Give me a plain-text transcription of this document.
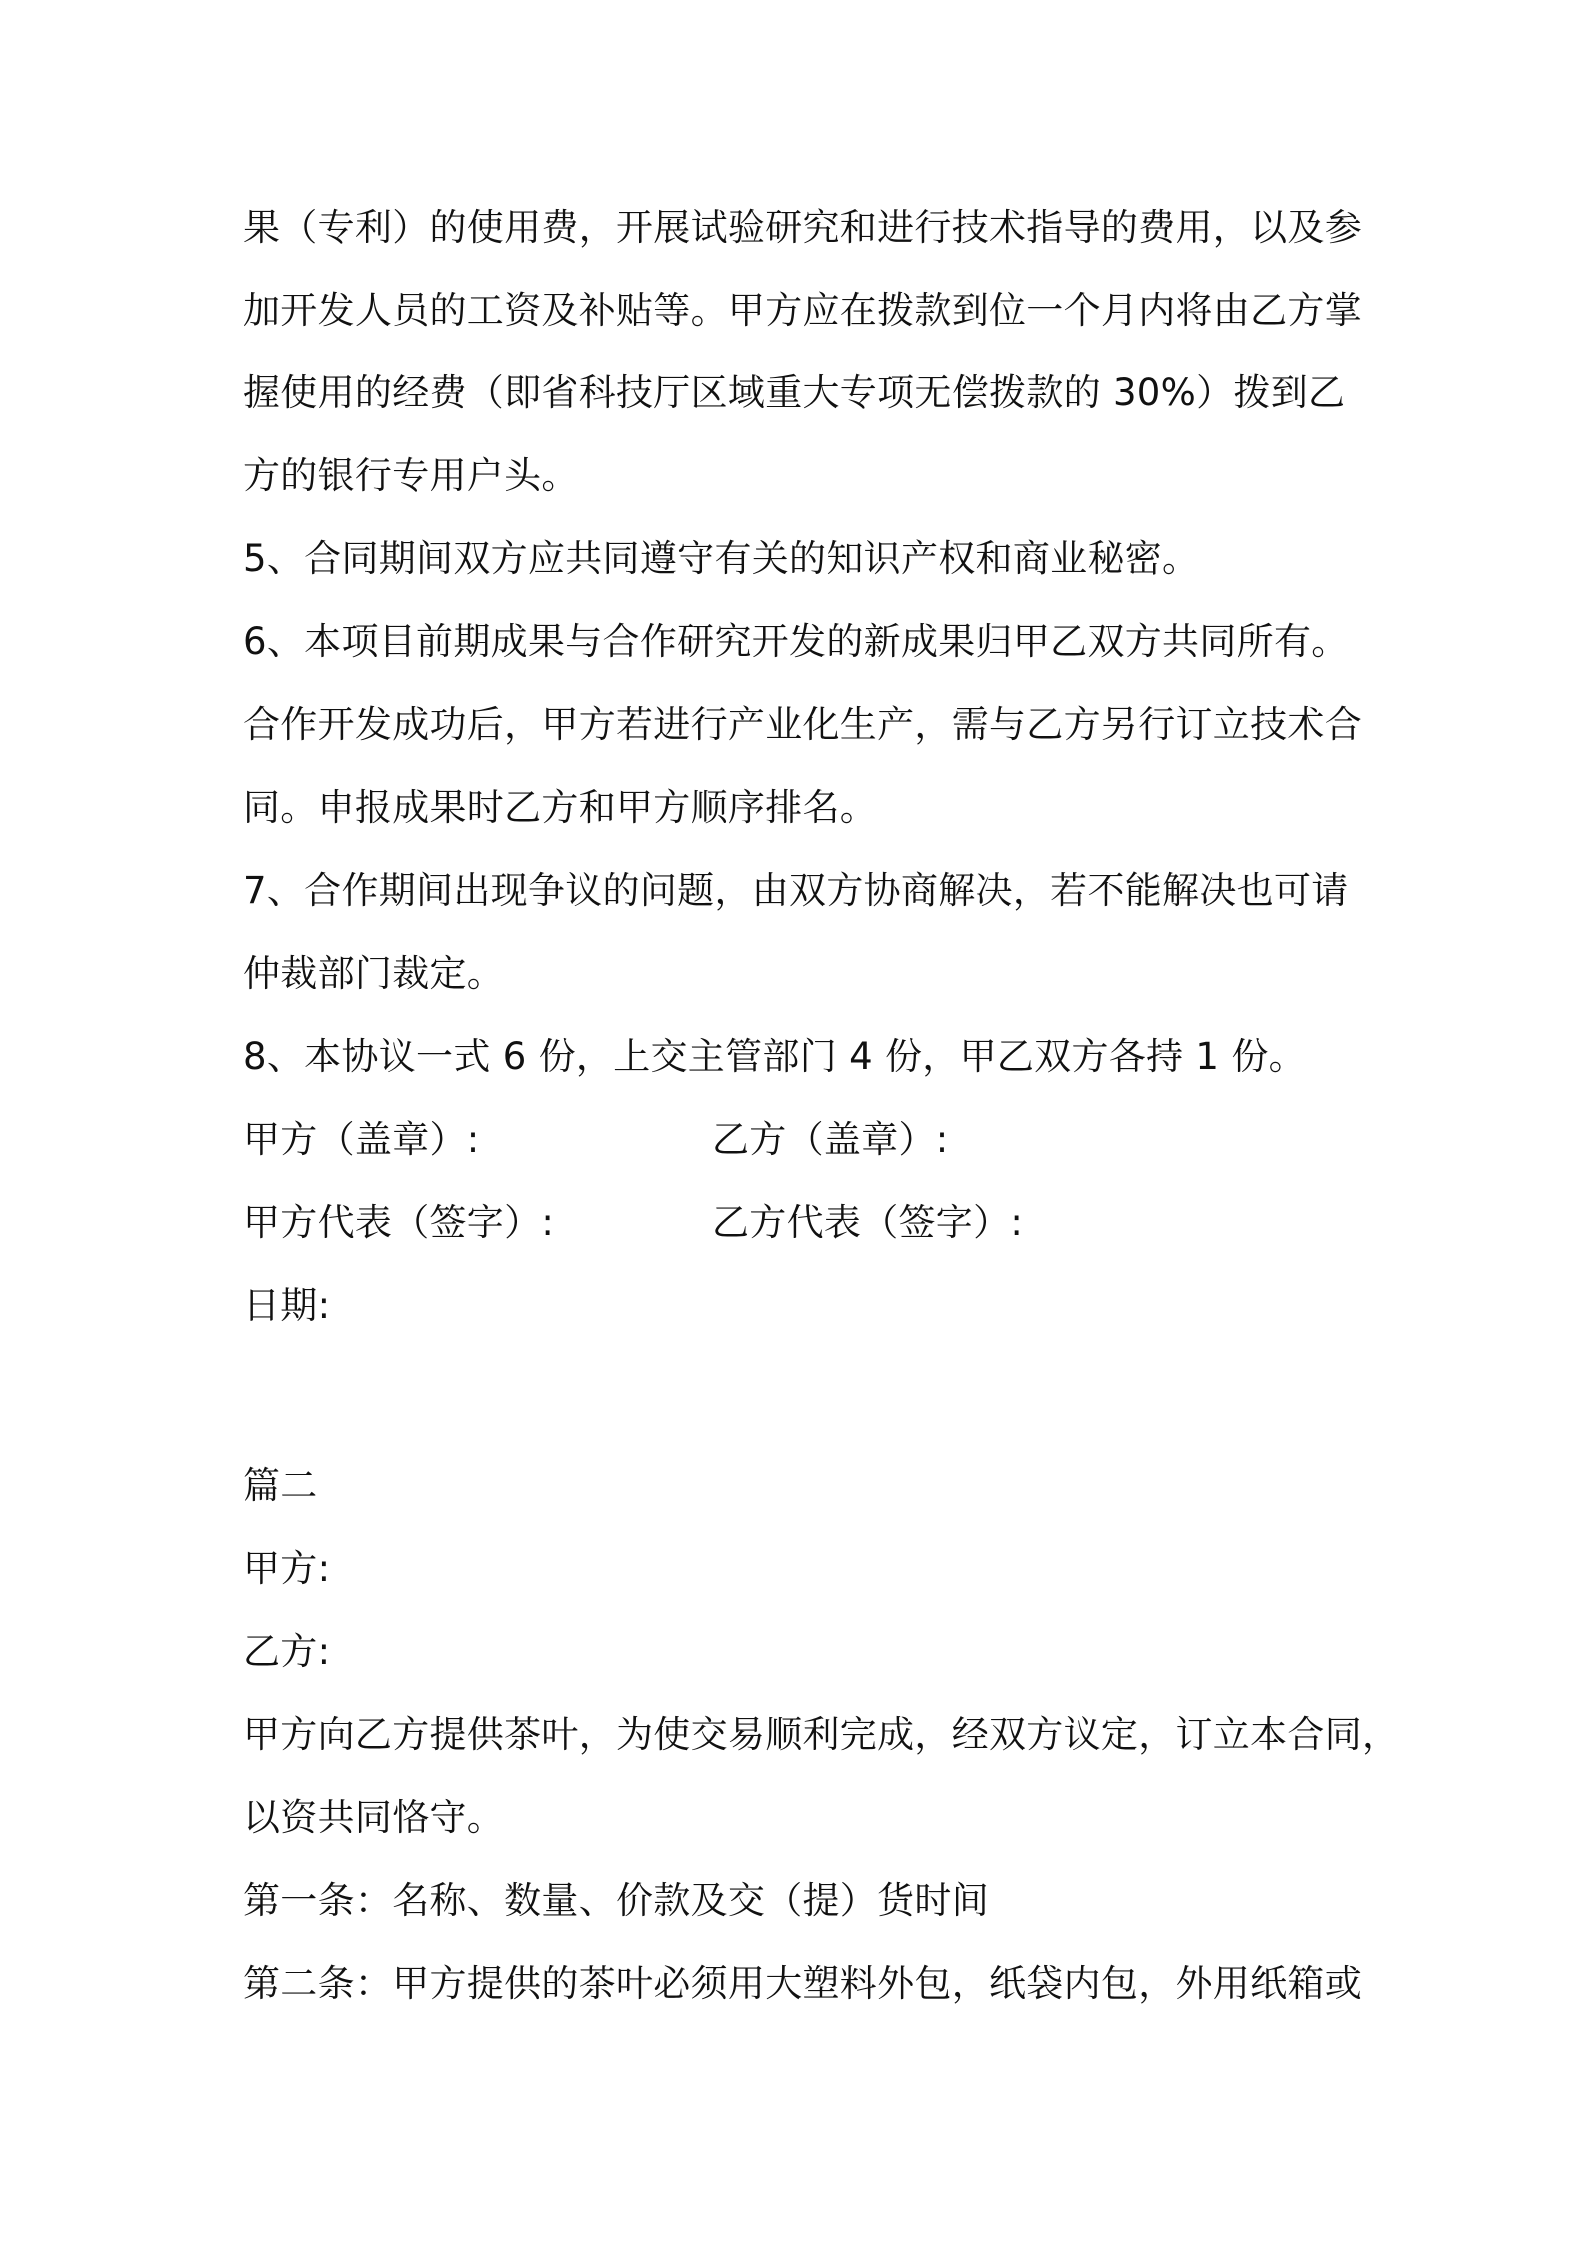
果（专利）的使用费，开展试验研究和进行技术指导的费用，以及参
加开发人员的工资及补贴等。甲方应在拨款到位一个月内将由乙方掌
握使用的经费（即省科技厅区域重大专项无偿拨款的 30%）拨到乙
方的银行专用户头。
5、合同期间双方应共同遵守有关的知识产权和商业秘密。
6、本项目前期成果与合作研究开发的新成果归甲乙双方共同所有。
合作开发成功后，甲方若进行产业化生产，需与乙方另行订立技术合
同。申报成果时乙方和甲方顺序排名。
7、合作期间出现争议的问题，由双方协商解决，若不能解决也可请
仲裁部门裁定。
8、本协议一式 6 份，上交主管部门 4 份，甲乙双方各持 1 份。
甲方（盖章）:	乙方（盖章）:
甲方代表（签字）:	乙方代表（签字）:
日期:
篇二
甲方:
乙方:
甲方向乙方提供茶叶，为使交易顺利完成，经双方议定，订立本合同，
以资共同恪守。
第一条：名称、数量、价款及交（提）货时间
第二条：甲方提供的茶叶必须用大塑料外包，纸袋内包，外用纸箱或
